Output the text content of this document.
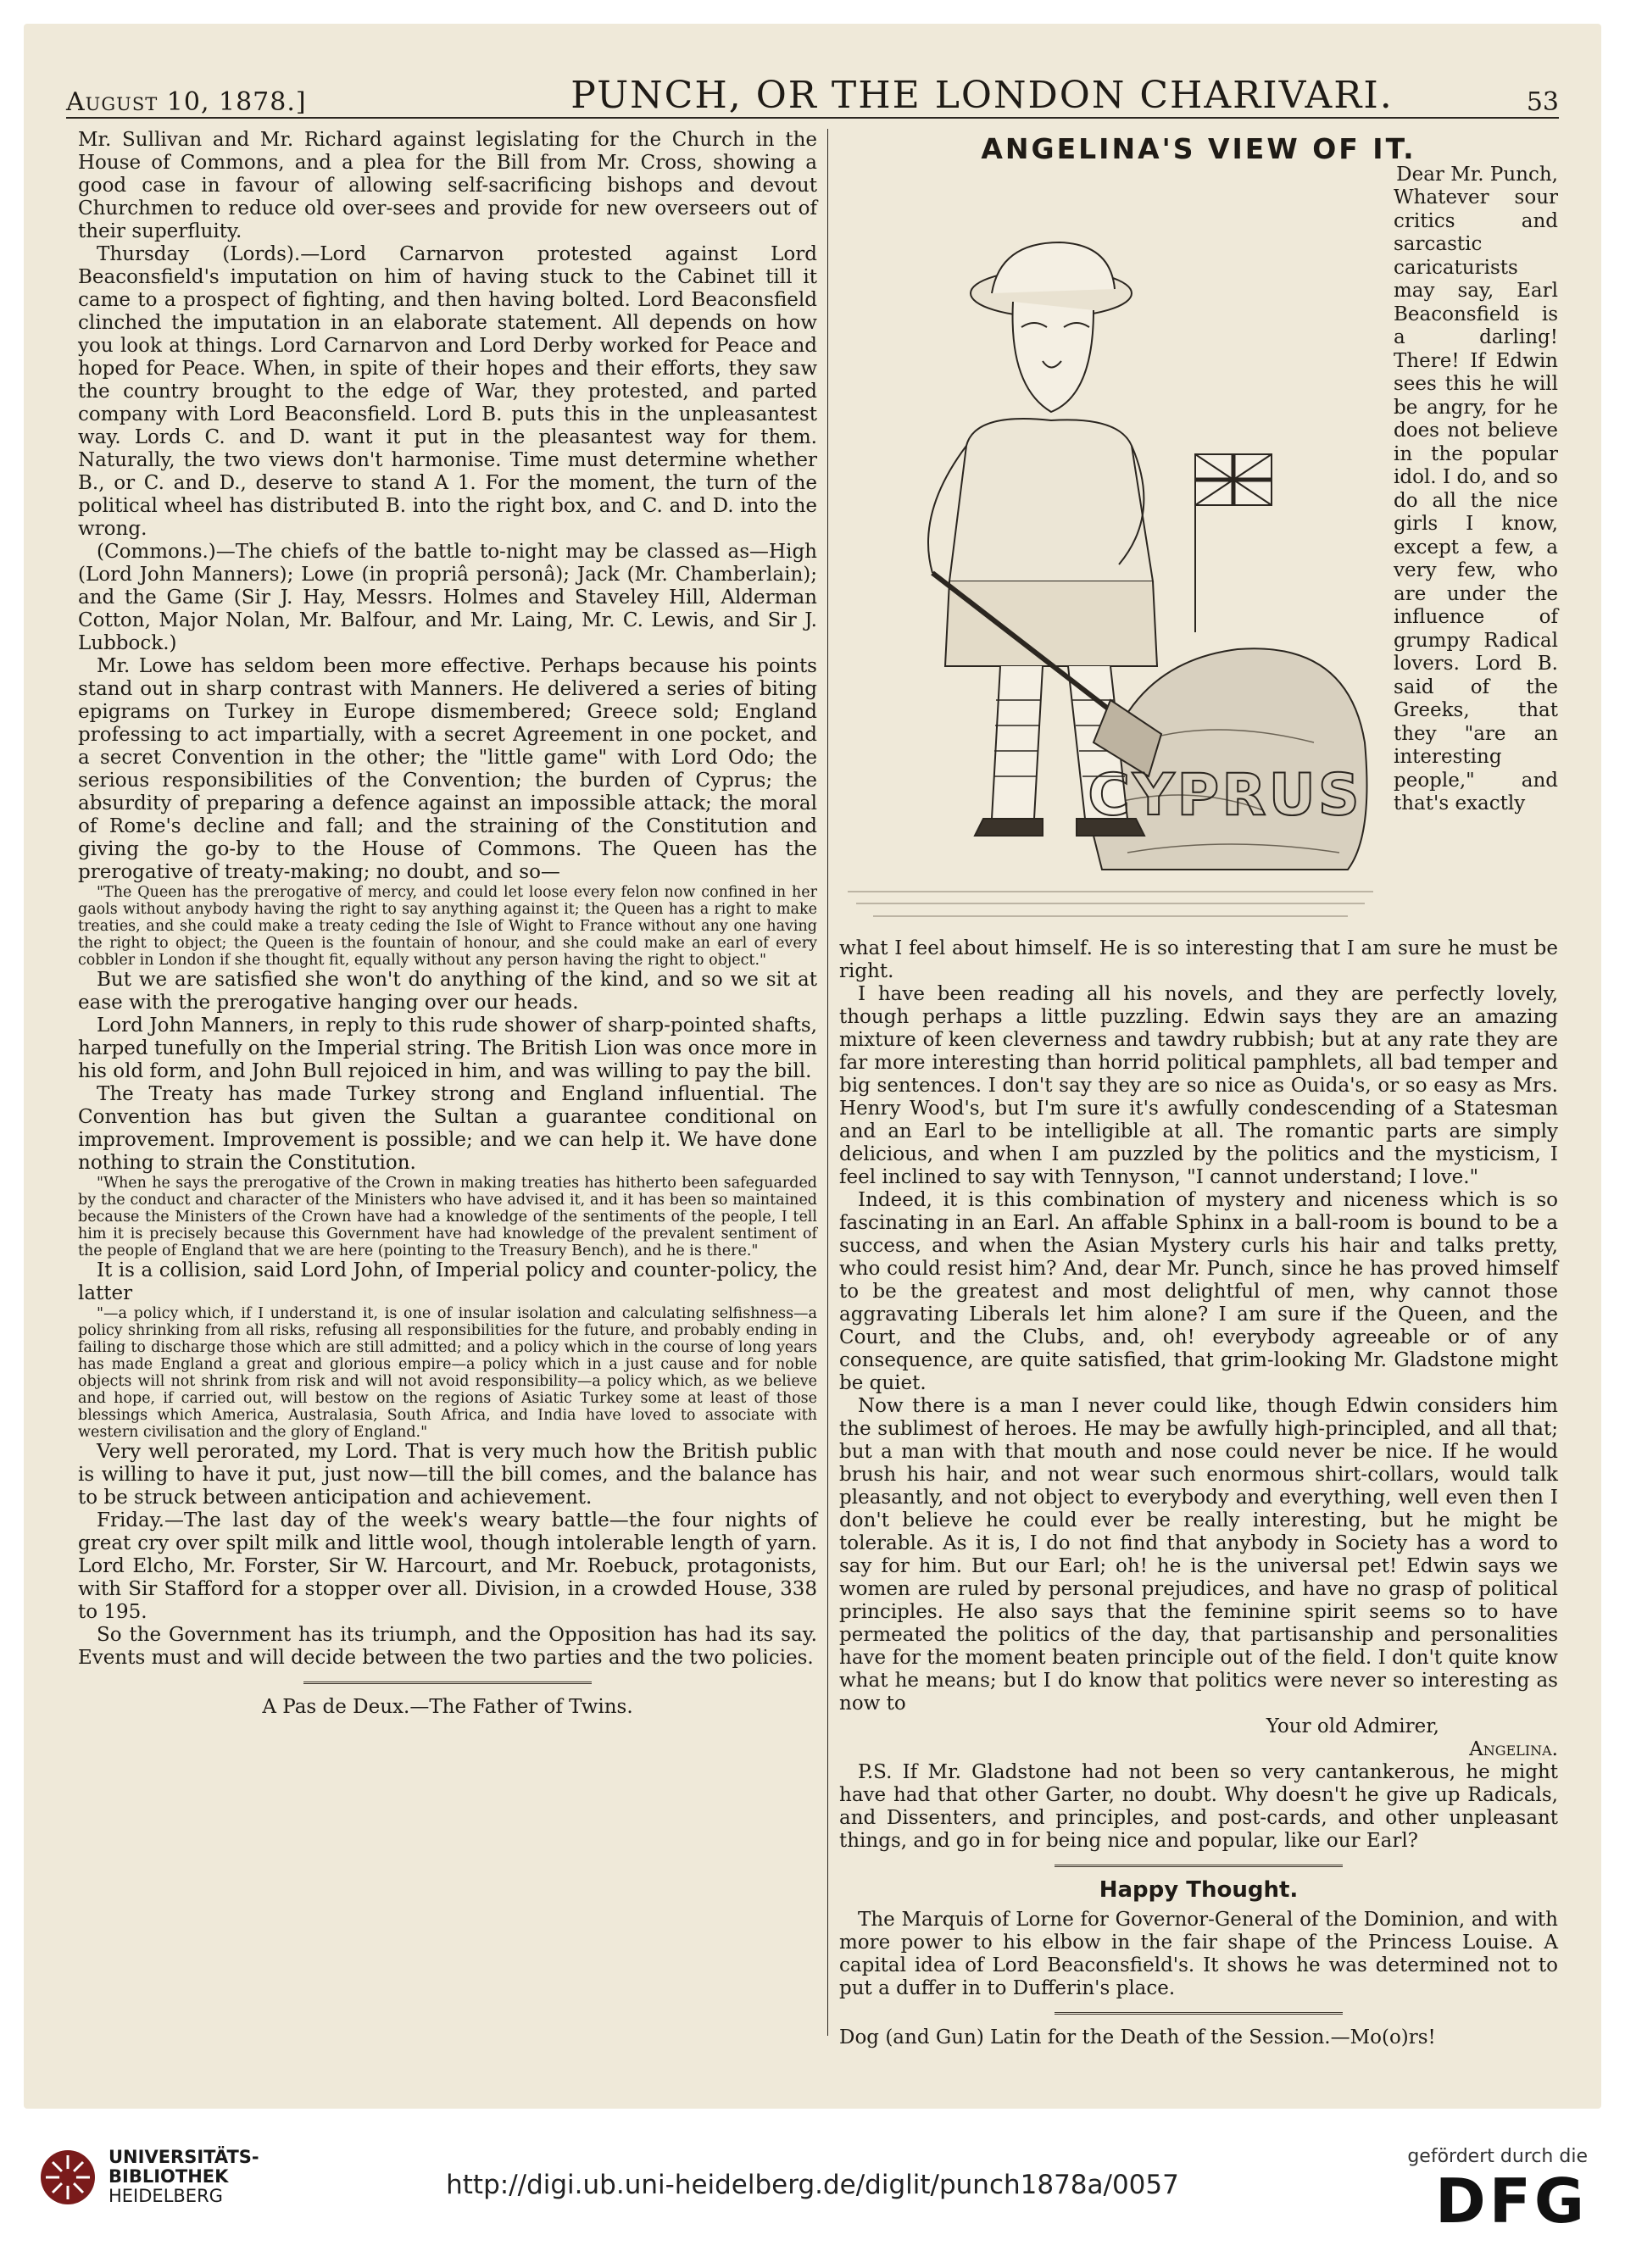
August 10, 1878.]	PUNCH, OR THE LONDON CHARIVARI.	53

Mr. Sullivan and Mr. Richard against legislating for the Church in the House of Commons, and a plea for the Bill from Mr. Cross, showing a good case in favour of allowing self-sacrificing bishops and devout Churchmen to reduce old over-sees and provide for new overseers out of their superfluity.

Thursday (Lords).—Lord Carnarvon protested against Lord Beaconsfield's imputation on him of having stuck to the Cabinet till it came to a prospect of fighting, and then having bolted. Lord Beaconsfield clinched the imputation in an elaborate statement. All depends on how you look at things. Lord Carnarvon and Lord Derby worked for Peace and hoped for Peace. When, in spite of their hopes and their efforts, they saw the country brought to the edge of War, they protested, and parted company with Lord Beaconsfield. Lord B. puts this in the unpleasantest way. Lords C. and D. want it put in the pleasantest way for them. Naturally, the two views don't harmonise. Time must determine whether B., or C. and D., deserve to stand A 1. For the moment, the turn of the political wheel has distributed B. into the right box, and C. and D. into the wrong.

(Commons.)—The chiefs of the battle to-night may be classed as—High (Lord John Manners); Lowe (in propriâ personâ); Jack (Mr. Chamberlain); and the Game (Sir J. Hay, Messrs. Holmes and Staveley Hill, Alderman Cotton, Major Nolan, Mr. Balfour, and Mr. Laing, Mr. C. Lewis, and Sir J. Lubbock.)

Mr. Lowe has seldom been more effective. Perhaps because his points stand out in sharp contrast with Manners. He delivered a series of biting epigrams on Turkey in Europe dismembered; Greece sold; England professing to act impartially, with a secret Agreement in one pocket, and a secret Convention in the other; the "little game" with Lord Odo; the serious responsibilities of the Convention; the burden of Cyprus; the absurdity of preparing a defence against an impossible attack; the moral of Rome's decline and fall; and the straining of the Constitution and giving the go-by to the House of Commons. The Queen has the prerogative of treaty-making; no doubt, and so—

"The Queen has the prerogative of mercy, and could let loose every felon now confined in her gaols without anybody having the right to say anything against it; the Queen has a right to make treaties, and she could make a treaty ceding the Isle of Wight to France without any one having the right to object; the Queen is the fountain of honour, and she could make an earl of every cobbler in London if she thought fit, equally without any person having the right to object."

But we are satisfied she won't do anything of the kind, and so we sit at ease with the prerogative hanging over our heads.

Lord John Manners, in reply to this rude shower of sharp-pointed shafts, harped tunefully on the Imperial string. The British Lion was once more in his old form, and John Bull rejoiced in him, and was willing to pay the bill.

The Treaty has made Turkey strong and England influential. The Convention has but given the Sultan a guarantee conditional on improvement. Improvement is possible; and we can help it. We have done nothing to strain the Constitution.

"When he says the prerogative of the Crown in making treaties has hitherto been safeguarded by the conduct and character of the Ministers who have advised it, and it has been so maintained because the Ministers of the Crown have had a knowledge of the sentiments of the people, I tell him it is precisely because this Government have had knowledge of the prevalent sentiment of the people of England that we are here (pointing to the Treasury Bench), and he is there."

It is a collision, said Lord John, of Imperial policy and counter-policy, the latter

"—a policy which, if I understand it, is one of insular isolation and calculating selfishness—a policy shrinking from all risks, refusing all responsibilities for the future, and probably ending in failing to discharge those which are still admitted; and a policy which in the course of long years has made England a great and glorious empire—a policy which in a just cause and for noble objects will not shrink from risk and will not avoid responsibility—a policy which, as we believe and hope, if carried out, will bestow on the regions of Asiatic Turkey some at least of those blessings which America, Australasia, South Africa, and India have loved to associate with western civilisation and the glory of England."

Very well perorated, my Lord. That is very much how the British public is willing to have it put, just now—till the bill comes, and the balance has to be struck between anticipation and achievement.

Friday.—The last day of the week's weary battle—the four nights of great cry over spilt milk and little wool, though intolerable length of yarn. Lord Elcho, Mr. Forster, Sir W. Harcourt, and Mr. Roebuck, protagonists, with Sir Stafford for a stopper over all. Division, in a crowded House, 338 to 195.

So the Government has its triumph, and the Opposition has had its say. Events must and will decide between the two parties and the two policies.

A Pas de Deux.—The Father of Twins.

ANGELINA'S VIEW OF IT.

Dear Mr. Punch,

CYPRUS

Whatever sour critics and sarcastic caricaturists may say, Earl Beaconsfield is a darling! There! If Edwin sees this he will be angry, for he does not believe in the popular idol. I do, and so do all the nice girls I know, except a few, a very few, who are under the influence of grumpy Radical lovers. Lord B. said of the Greeks, that they "are an interesting people," and that's exactly

what I feel about himself. He is so interesting that I am sure he must be right.

I have been reading all his novels, and they are perfectly lovely, though perhaps a little puzzling. Edwin says they are an amazing mixture of keen cleverness and tawdry rubbish; but at any rate they are far more interesting than horrid political pamphlets, all bad temper and big sentences. I don't say they are so nice as Ouida's, or so easy as Mrs. Henry Wood's, but I'm sure it's awfully condescending of a Statesman and an Earl to be intelligible at all. The romantic parts are simply delicious, and when I am puzzled by the politics and the mysticism, I feel inclined to say with Tennyson, "I cannot understand; I love."

Indeed, it is this combination of mystery and niceness which is so fascinating in an Earl. An affable Sphinx in a ball-room is bound to be a success, and when the Asian Mystery curls his hair and talks pretty, who could resist him? And, dear Mr. Punch, since he has proved himself to be the greatest and most delightful of men, why cannot those aggravating Liberals let him alone? I am sure if the Queen, and the Court, and the Clubs, and, oh! everybody agreeable or of any consequence, are quite satisfied, that grim-looking Mr. Gladstone might be quiet.

Now there is a man I never could like, though Edwin considers him the sublimest of heroes. He may be awfully high-principled, and all that; but a man with that mouth and nose could never be nice. If he would brush his hair, and not wear such enormous shirt-collars, would talk pleasantly, and not object to everybody and everything, well even then I don't believe he could ever be really interesting, but he might be tolerable. As it is, I do not find that anybody in Society has a word to say for him. But our Earl; oh! he is the universal pet! Edwin says we women are ruled by personal prejudices, and have no grasp of political principles. He also says that the feminine spirit seems so to have permeated the politics of the day, that partisanship and personalities have for the moment beaten principle out of the field. I don't quite know what he means; but I do know that politics were never so interesting as now to

Your old Admirer,

Angelina.

P.S. If Mr. Gladstone had not been so very cantankerous, he might have had that other Garter, no doubt. Why doesn't he give up Radicals, and Dissenters, and principles, and post-cards, and other unpleasant things, and go in for being nice and popular, like our Earl?

Happy Thought.

The Marquis of Lorne for Governor-General of the Dominion, and with more power to his elbow in the fair shape of the Princess Louise. A capital idea of Lord Beaconsfield's. It shows he was determined not to put a duffer in to Dufferin's place.

Dog (and Gun) Latin for the Death of the Session.—Mo(o)rs!

UNIVERSITÄTS-
BIBLIOTHEK
HEIDELBERG	http://digi.ub.uni-heidelberg.de/diglit/punch1878a/0057
gefördert durch die
DFG
